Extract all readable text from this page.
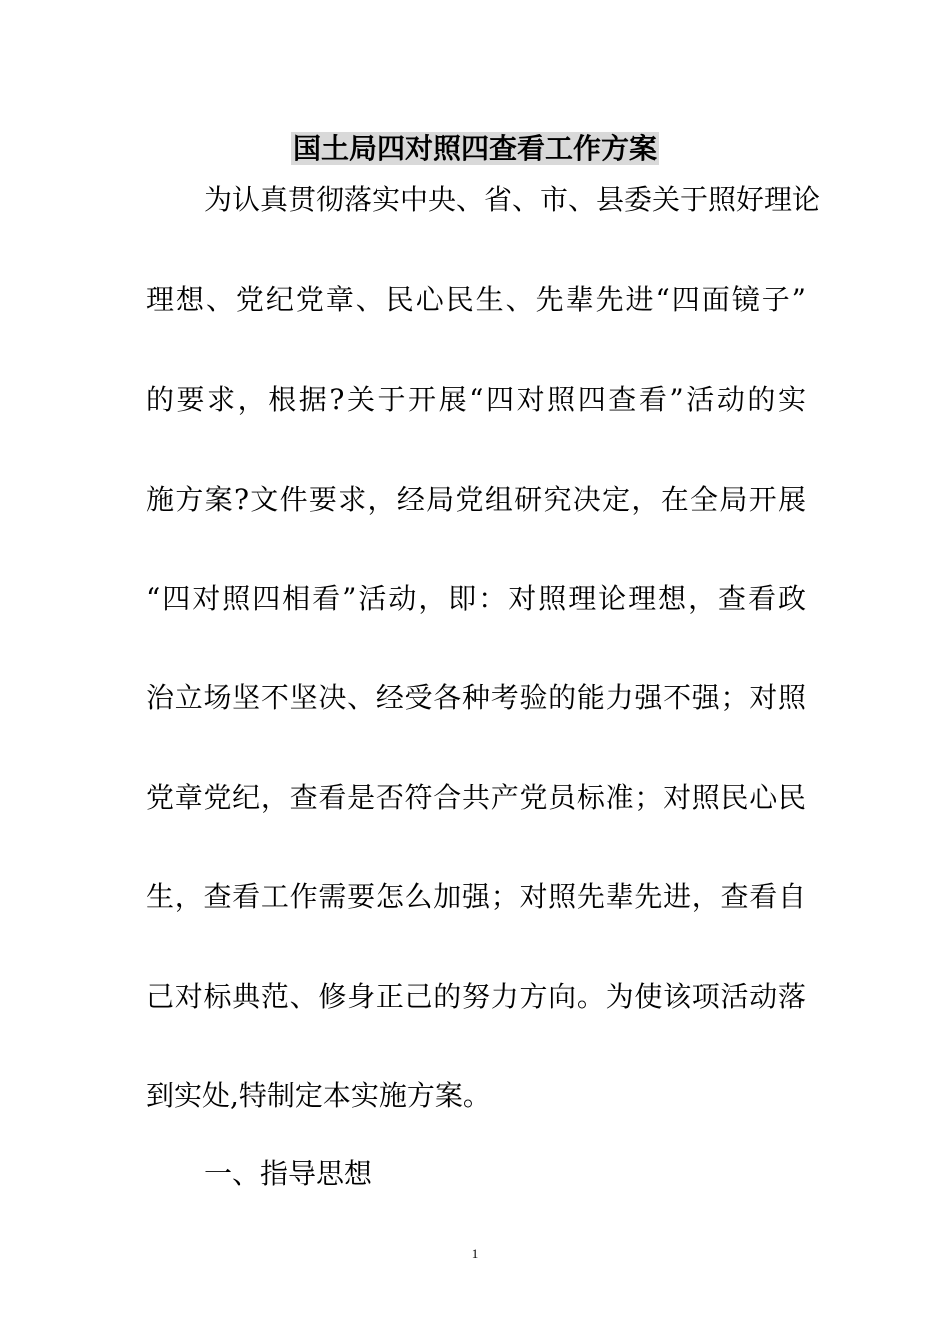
国土局四对照四查看工作方案
为认真贯彻落实中央、省、市、县委关于照好理论
理想、党纪党章、民心民生、先辈先进“四面镜子”
的要求，根据?关于开展“四对照四查看”活动的实
施方案?文件要求，经局党组研究决定，在全局开展
“四对照四相看”活动，即：对照理论理想，查看政
治立场坚不坚决、经受各种考验的能力强不强；对照
党章党纪，查看是否符合共产党员标准；对照民心民
生，查看工作需要怎么加强；对照先辈先进，查看自
己对标典范、修身正己的努力方向。为使该项活动落
到实处,特制定本实施方案。
一、指导思想
1
